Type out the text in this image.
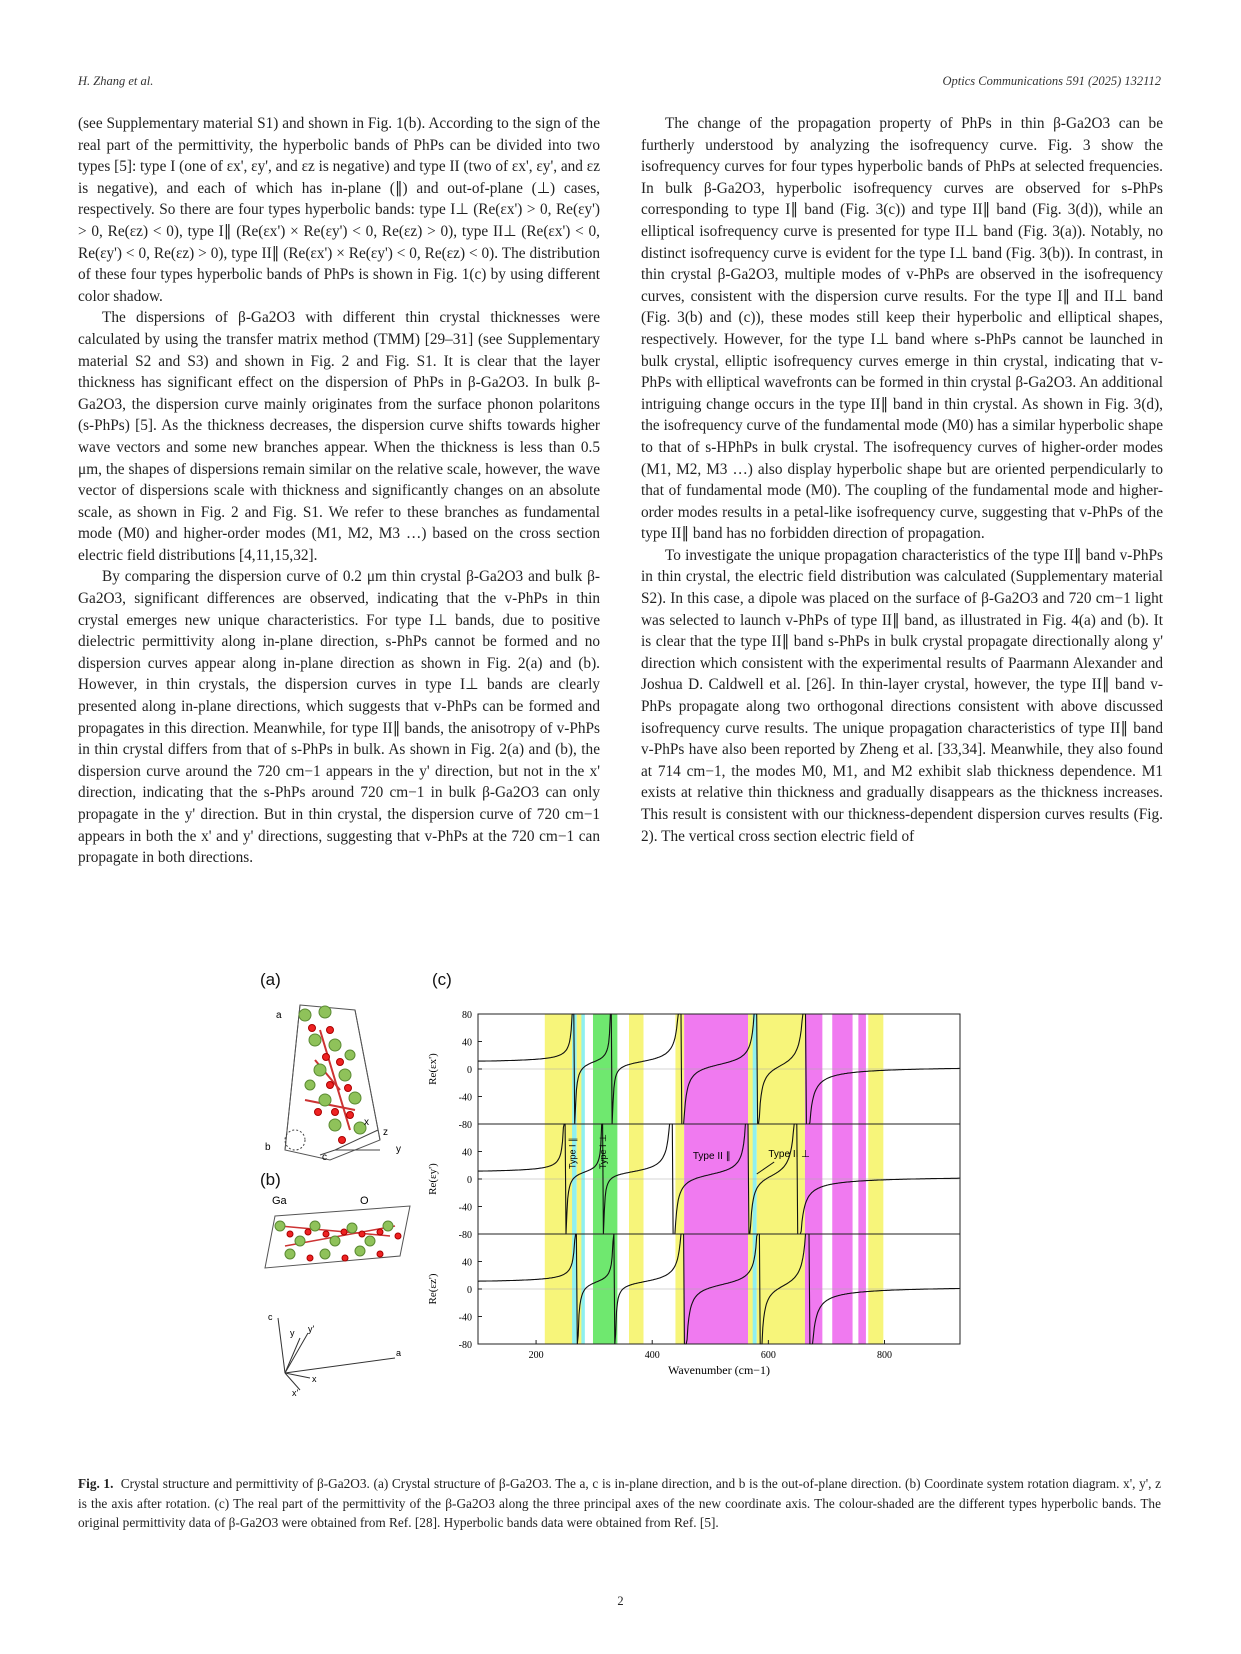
H. Zhang et al.	Optics Communications 591 (2025) 132112

(see Supplementary material S1) and shown in Fig. 1(b). According to the sign of the real part of the permittivity, the hyperbolic bands of PhPs can be divided into two types [5]: type I (one of εx', εy', and εz is negative) and type II (two of εx', εy', and εz is negative), and each of which has in-plane (∥) and out-of-plane (⊥) cases, respectively. So there are four types hyperbolic bands: type I⊥ (Re(εx') > 0, Re(εy') > 0, Re(εz) < 0), type I∥ (Re(εx') × Re(εy') < 0, Re(εz) > 0), type II⊥ (Re(εx') < 0, Re(εy') < 0, Re(εz) > 0), type II∥ (Re(εx') × Re(εy') < 0, Re(εz) < 0). The distribution of these four types hyperbolic bands of PhPs is shown in Fig. 1(c) by using different color shadow.

The dispersions of β-Ga2O3 with different thin crystal thicknesses were calculated by using the transfer matrix method (TMM) [29–31] (see Supplementary material S2 and S3) and shown in Fig. 2 and Fig. S1. It is clear that the layer thickness has significant effect on the dispersion of PhPs in β-Ga2O3. In bulk β-Ga2O3, the dispersion curve mainly originates from the surface phonon polaritons (s-PhPs) [5]. As the thickness decreases, the dispersion curve shifts towards higher wave vectors and some new branches appear. When the thickness is less than 0.5 μm, the shapes of dispersions remain similar on the relative scale, however, the wave vector of dispersions scale with thickness and significantly changes on an absolute scale, as shown in Fig. 2 and Fig. S1. We refer to these branches as fundamental mode (M0) and higher-order modes (M1, M2, M3 …) based on the cross section electric field distributions [4,11,15,32].

By comparing the dispersion curve of 0.2 μm thin crystal β-Ga2O3 and bulk β-Ga2O3, significant differences are observed, indicating that the v-PhPs in thin crystal emerges new unique characteristics. For type I⊥ bands, due to positive dielectric permittivity along in-plane direction, s-PhPs cannot be formed and no dispersion curves appear along in-plane direction as shown in Fig. 2(a) and (b). However, in thin crystals, the dispersion curves in type I⊥ bands are clearly presented along in-plane directions, which suggests that v-PhPs can be formed and propagates in this direction. Meanwhile, for type II∥ bands, the anisotropy of v-PhPs in thin crystal differs from that of s-PhPs in bulk. As shown in Fig. 2(a) and (b), the dispersion curve around the 720 cm−1 appears in the y' direction, but not in the x' direction, indicating that the s-PhPs around 720 cm−1 in bulk β-Ga2O3 can only propagate in the y' direction. But in thin crystal, the dispersion curve of 720 cm−1 appears in both the x' and y' directions, suggesting that v-PhPs at the 720 cm−1 can propagate in both directions.

The change of the propagation property of PhPs in thin β-Ga2O3 can be furtherly understood by analyzing the isofrequency curve. Fig. 3 show the isofrequency curves for four types hyperbolic bands of PhPs at selected frequencies. In bulk β-Ga2O3, hyperbolic isofrequency curves are observed for s-PhPs corresponding to type I∥ band (Fig. 3(c)) and type II∥ band (Fig. 3(d)), while an elliptical isofrequency curve is presented for type II⊥ band (Fig. 3(a)). Notably, no distinct isofrequency curve is evident for the type I⊥ band (Fig. 3(b)). In contrast, in thin crystal β-Ga2O3, multiple modes of v-PhPs are observed in the isofrequency curves, consistent with the dispersion curve results. For the type I∥ and II⊥ band (Fig. 3(b) and (c)), these modes still keep their hyperbolic and elliptical shapes, respectively. However, for the type I⊥ band where s-PhPs cannot be launched in bulk crystal, elliptic isofrequency curves emerge in thin crystal, indicating that v-PhPs with elliptical wavefronts can be formed in thin crystal β-Ga2O3. An additional intriguing change occurs in the type II∥ band in thin crystal. As shown in Fig. 3(d), the isofrequency curve of the fundamental mode (M0) has a similar hyperbolic shape to that of s-HPhPs in bulk crystal. The isofrequency curves of higher-order modes (M1, M2, M3 …) also display hyperbolic shape but are oriented perpendicularly to that of fundamental mode (M0). The coupling of the fundamental mode and higher-order modes results in a petal-like isofrequency curve, suggesting that v-PhPs of the type II∥ band has no forbidden direction of propagation.

To investigate the unique propagation characteristics of the type II∥ band v-PhPs in thin crystal, the electric field distribution was calculated (Supplementary material S2). In this case, a dipole was placed on the surface of β-Ga2O3 and 720 cm−1 light was selected to launch v-PhPs of type II∥ band, as illustrated in Fig. 4(a) and (b). It is clear that the type II∥ band s-PhPs in bulk crystal propagate directionally along y' direction which consistent with the experimental results of Paarmann Alexander and Joshua D. Caldwell et al. [26]. In thin-layer crystal, however, the type II∥ band v-PhPs propagate along two orthogonal directions consistent with above discussed isofrequency curve results. The unique propagation characteristics of type II∥ band v-PhPs have also been reported by Zheng et al. [33,34]. Meanwhile, they also found at 714 cm−1, the modes M0, M1, and M2 exhibit slab thickness dependence. M1 exists at relative thin thickness and gradually disappears as the thickness increases. This result is consistent with our thickness-dependent dispersion curves results (Fig. 2). The vertical cross section electric field of

(a)
(b)
(c)
a
b
c
x
y
z
Ga	O
c
y y'
a
x
x'
80
40
0
-40
-80
Re(εx')
40
0
-40
-80
Re(εy')
40
0
-40
-80
Re(εz')
200	400	600	800
Wavenumber (cm−1)
Type I ∥ Type I ⊥	Type II ∥	Type II ⊥
Fig. 1. Crystal structure and permittivity of β-Ga2O3. (a) Crystal structure of β-Ga2O3. The a, c is in-plane direction, and b is the out-of-plane direction. (b) Coordinate system rotation diagram. x', y', z is the axis after rotation. (c) The real part of the permittivity of the β-Ga2O3 along the three principal axes of the new coordinate axis. The colour-shaded are the different types hyperbolic bands. The original permittivity data of β-Ga2O3 were obtained from Ref. [28]. Hyperbolic bands data were obtained from Ref. [5].
2
